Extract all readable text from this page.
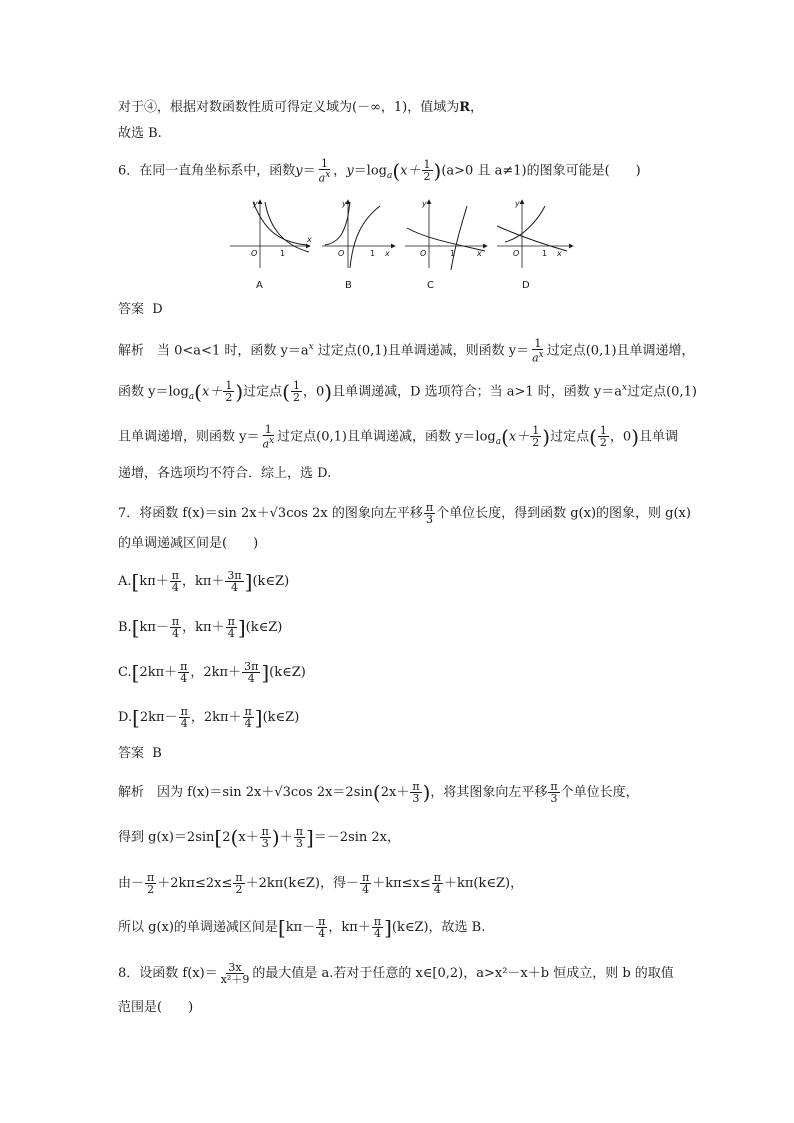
对于④，根据对数函数性质可得定义域为(－∞，1)，值域为R，
故选 B.
6．在同一直角坐标系中，函数$y= \frac{1}{a^x}$ ，$y=\log_a(x+ \frac{1}{2} )(a>0$ 且 a≠1)的图象可能是(　　)
y
x
O	1
y
x
O	1
y
x
O	1
y
x
O	1
A	B	C	D
答案 D
解析　当 0<a<1 时，函数 $y=a^x$ 过定点(0,1)且单调递减，则函数 $y= \frac{1}{a^x}$ 过定点(0,1)且单调递增，
函数 $y=\log_a(x+ \frac{1}{2}$ )过定点( $\frac{1}{2}$ ，0)且单调递减，D 选项符合；当 a>1 时，函数 $y=a^x$过定点(0,1)
且单调递增，则函数 $y= \frac{1}{a^x}$ 过定点(0,1)且单调递减，函数 $y=\log_a(x+ \frac{1}{2}$ )过定点( $\frac{1}{2}$ ，0)且单调
递增，各选项均不符合．综上，选 D.
7．将函数 f(x)＝sin 2x＋√3cos 2x 的图象向左平移 $\frac{\pi}{3}$ 个单位长度，得到函数 g(x)的图象，则 g(x)
的单调递减区间是(　　)
$A.[k\pi+ \frac{\pi}{4}$ ，$k\pi+ \frac{3\pi}{4}$ ](k∈Z)
$B.[k\pi- \frac{\pi}{4}$ ，$k\pi+ \frac{\pi}{4}$ ](k∈Z)
$C.[2k\pi+ \frac{\pi}{4}$ ，$2k\pi+ \frac{3\pi}{4}$ ](k∈Z)
$D.[2k\pi- \frac{\pi}{4}$ ，$2k\pi+ \frac{\pi}{4}$ ](k∈Z)
答案 B
解析　因为 f(x)＝sin 2x＋√3cos $2x=2\sin(2x+ \frac{\pi}{3}$ )，将其图象向左平移 $\frac{\pi}{3}$ 个单位长度，
得到 $g(x)=2\sin[2(x+ \frac{\pi}{3}$ )＋ $\frac{\pi}{3} ]=-2\sin$ 2x，
由－ $\frac{\pi}{2} +2k\pi\le 2x\le \frac{\pi}{2}$ ＋2kπ(k∈Z)，得－ $\frac{\pi}{4} +k\pi\le x\le \frac{\pi}{4}$ ＋kπ(k∈Z)，
所以 g(x)的单调递减区间是[$k\pi- \frac{\pi}{4}$ ，$k\pi+ \frac{\pi}{4}$ ](k∈Z)，故选 B.
8．设函数 $f(x)= \frac{3x}{\text{x²＋9}}$ 的最大值是 a.若对于任意的 x∈[0,2)，a>x²－x＋b 恒成立，则 b 的取值
范围是(　　)
